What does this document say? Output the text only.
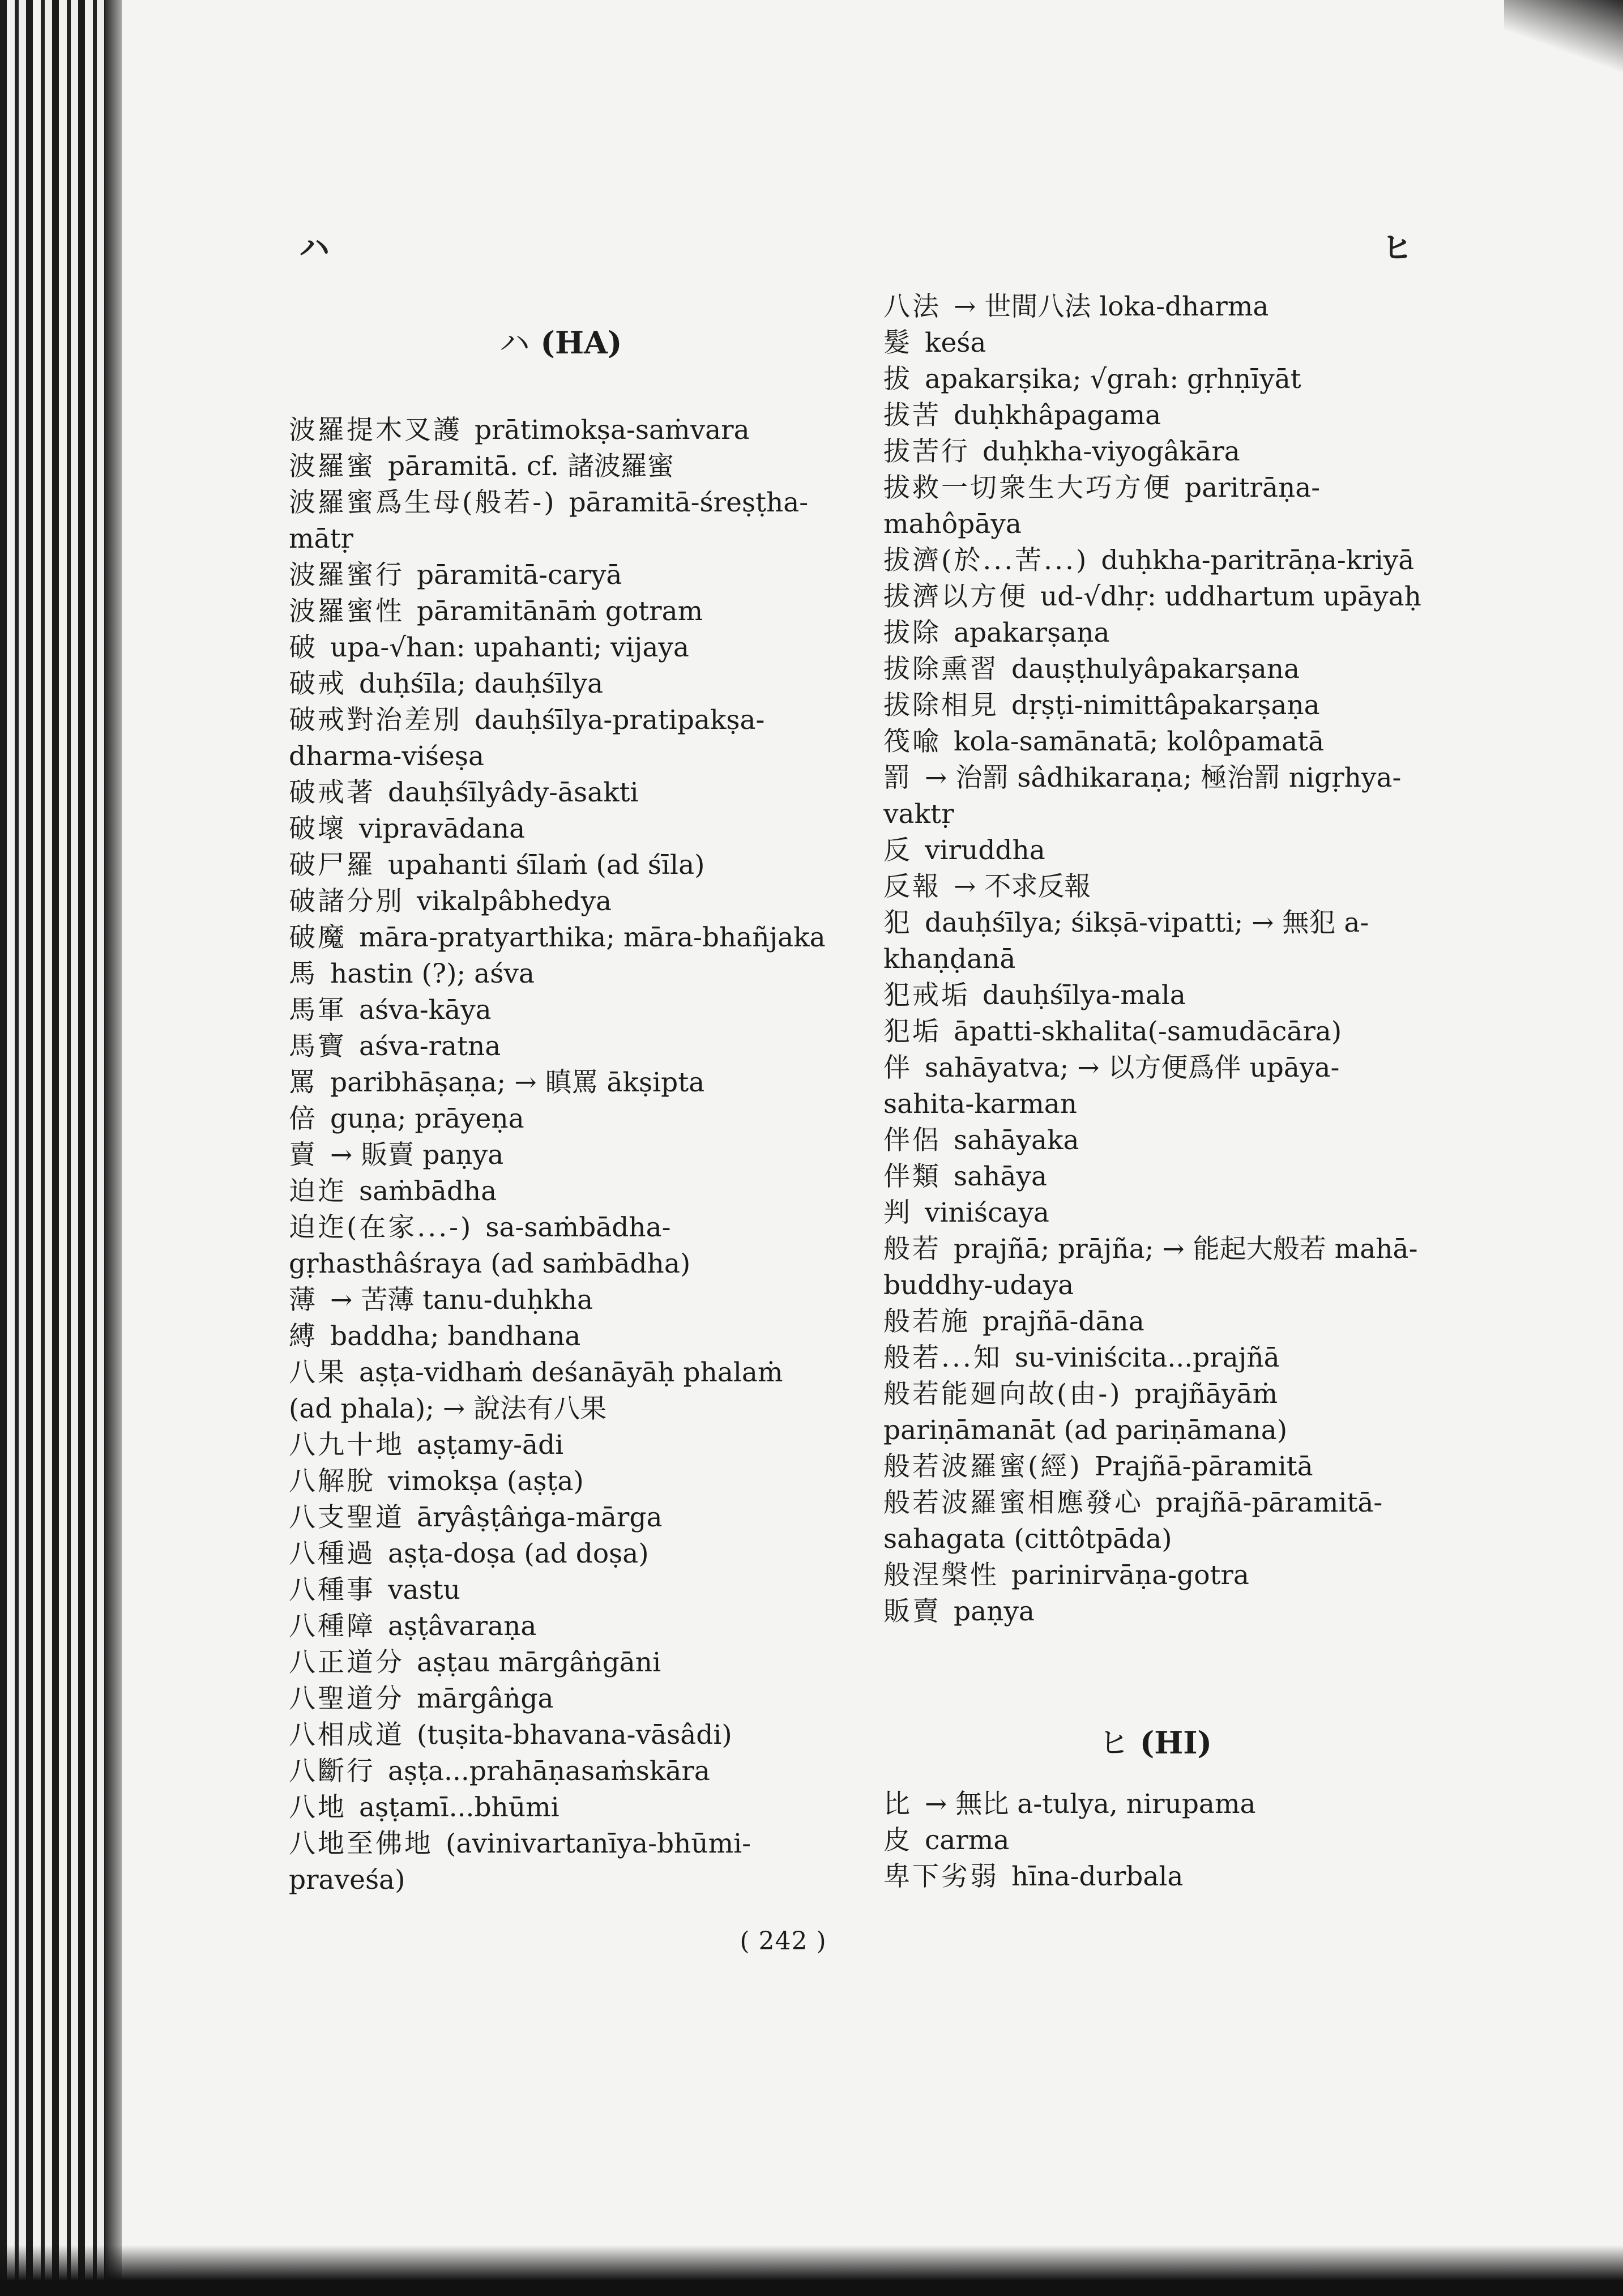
ハ	ヒ
ハ (HA)

波羅提木叉護 prātimokṣa-saṁvara

波羅蜜 pāramitā. cf. 諸波羅蜜

波羅蜜爲生母(般若-) pāramitā-śreṣṭha-mātṛ

波羅蜜行 pāramitā-caryā

波羅蜜性 pāramitānāṁ gotram

破 upa-√han: upahanti; vijaya

破戒 duḥśīla; dauḥśīlya

破戒對治差別 dauḥśīlya-pratipakṣa-dharma-viśeṣa

破戒著 dauḥśīlyâdy-āsakti

破壞 vipravādana

破尸羅 upahanti śīlaṁ (ad śīla)

破諸分別 vikalpâbhedya

破魔 māra-pratyarthika; māra-bhañjaka

馬 hastin (?); aśva

馬軍 aśva-kāya

馬寶 aśva-ratna

罵 paribhāṣaṇa; → 瞋罵 ākṣipta

倍 guṇa; prāyeṇa

賣 → 販賣 paṇya

迫迮 saṁbādha

迫迮(在家...-) sa-saṁbādha-gṛhasthâśraya (ad saṁbādha)

薄 → 苦薄 tanu-duḥkha

縛 baddha; bandhana

八果 aṣṭa-vidhaṁ deśanāyāḥ phalaṁ (ad phala); → 說法有八果

八九十地 aṣṭamy-ādi

八解脫 vimokṣa (aṣṭa)

八支聖道 āryâṣṭâṅga-mārga

八種過 aṣṭa-doṣa (ad doṣa)

八種事 vastu

八種障 aṣṭâvaraṇa

八正道分 aṣṭau mārgâṅgāni

八聖道分 mārgâṅga

八相成道 (tuṣita-bhavana-vāsâdi)

八斷行 aṣṭa...prahāṇasaṁskāra

八地 aṣṭamī...bhūmi

八地至佛地 (avinivartanīya-bhūmi-praveśa)

八法 → 世間八法 loka-dharma

髮 keśa

拔 apakarṣika; √grah: gṛhṇīyāt

拔苦 duḥkhâpagama

拔苦行 duḥkha-viyogâkāra

拔救一切衆生大巧方便 paritrāṇa-mahôpāya

拔濟(於...苦...) duḥkha-paritrāṇa-kriyā

拔濟以方便 ud-√dhṛ: uddhartum upāyaḥ

拔除 apakarṣaṇa

拔除熏習 dauṣṭhulyâpakarṣana

拔除相見 dṛṣṭi-nimittâpakarṣaṇa

筏喩 kola-samānatā; kolôpamatā

罰 → 治罰 sâdhikaraṇa; 極治罰 nigṛhya-vaktṛ

反 viruddha

反報 → 不求反報

犯 dauḥśīlya; śikṣā-vipatti; → 無犯 a-khaṇḍanā

犯戒垢 dauḥśīlya-mala

犯垢 āpatti-skhalita(-samudācāra)

伴 sahāyatva; → 以方便爲伴 upāya-sahita-karman

伴侶 sahāyaka

伴類 sahāya

判 viniścaya

般若 prajñā; prājña; → 能起大般若 mahā-buddhy-udaya

般若施 prajñā-dāna

般若...知 su-viniścita...prajñā

般若能廻向故(由-) prajñāyāṁ pariṇāmanāt (ad pariṇāmana)

般若波羅蜜(經) Prajñā-pāramitā

般若波羅蜜相應發心 prajñā-pāramitā-sahagata (cittôtpāda)

般涅槃性 parinirvāṇa-gotra

販賣 paṇya

ヒ (HI)

比 → 無比 a-tulya, nirupama

皮 carma

卑下劣弱 hīna-durbala

( 242 )
